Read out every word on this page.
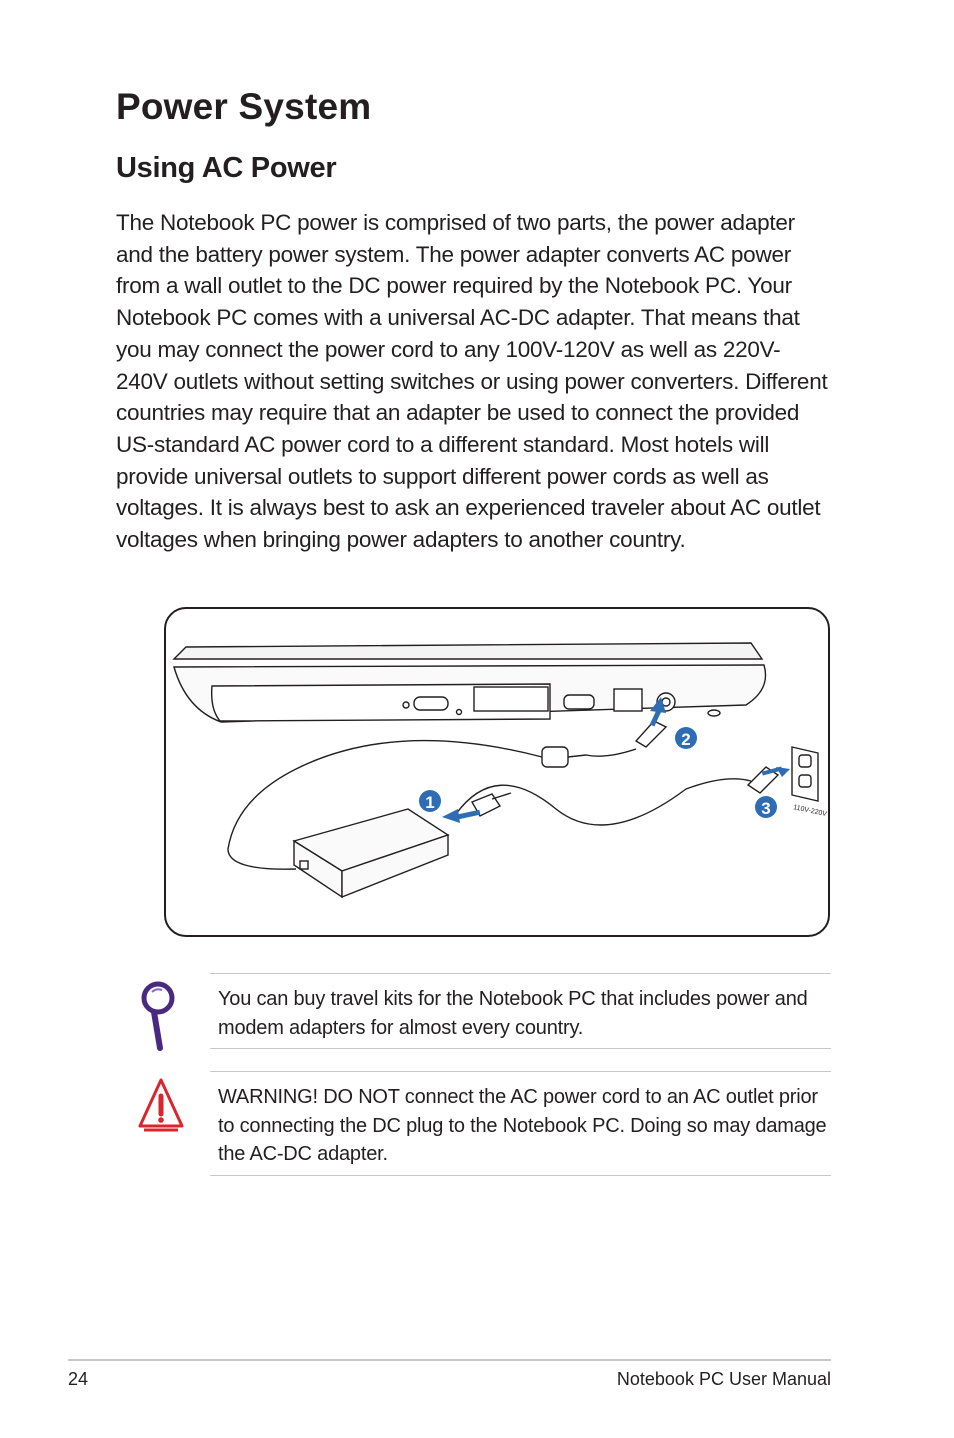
Power System
Using AC Power

The Notebook PC power is comprised of two parts, the power adapter and the battery power system. The power adapter converts AC power from a wall outlet to the DC power required by the Notebook PC. Your Notebook PC comes with a universal AC-DC adapter. That means that you may connect the power cord to any 100V-120V as well as 220V-240V outlets without setting switches or using power converters. Different countries may require that an adapter be used to connect the provided US-standard AC power cord to a different standard. Most hotels will provide universal outlets to support different power cords as well as voltages. It is always best to ask an experienced traveler about AC outlet voltages when bringing power adapters to another country.

110V-220V
1
2
3

You can buy travel kits for the Notebook PC that includes power and modem adapters for almost every country.

WARNING! DO NOT connect the AC power cord to an AC outlet prior to connecting the DC plug to the Notebook PC. Doing so may damage the AC-DC adapter.

24	Notebook PC User Manual
